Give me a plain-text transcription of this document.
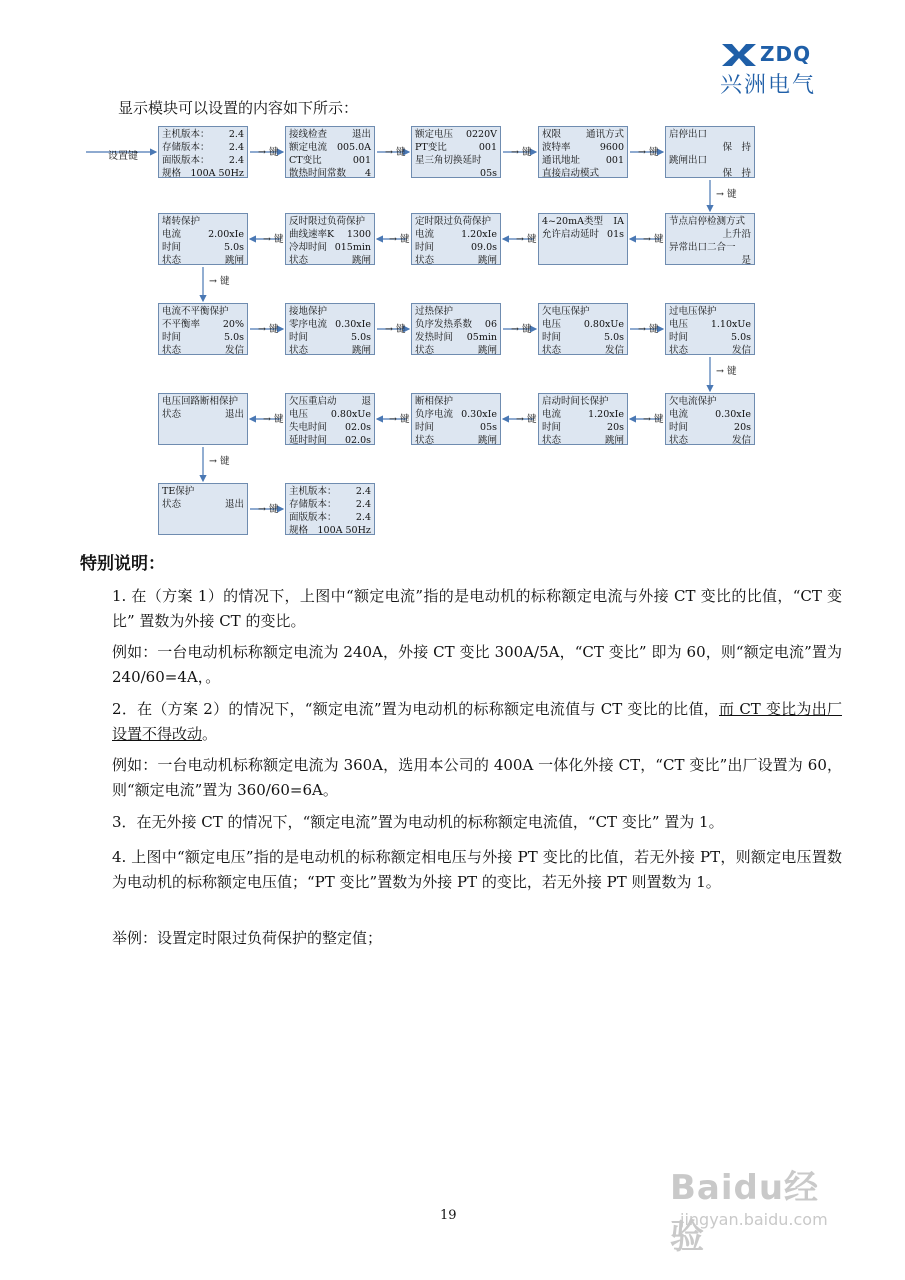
ZDQ
兴洲电气
显示模块可以设置的内容如下所示：
设置键
主机版本： 2.4
存储版本： 2.4
面版版本： 2.4
规格　100A 50Hz
接线检查	退出
额定电流 005.0A
CT变比	001
散热时间常数 4
额定电压 0220V
PT变比	001
星三角切换延时
05s
权限	通讯方式
波特率	9600
通讯地址	001
直接启动模式
启停出口
保　持
跳闸出口
保　持
节点启停检测方式
上升沿
异常出口二合一
是
4~20mA类型 IA
允许启动延时 01s
定时限过负荷保护
电流	1.20xIe
时间	09.0s
状态	跳闸
反时限过负荷保护
曲线速率K 1300
冷却时间 015min
状态	跳闸
堵转保护
电流	2.00xIe
时间	5.0s
状态	跳闸
电流不平衡保护
不平衡率 20%
时间	5.0s
状态	发信
接地保护
零序电流 0.30xIe
时间	5.0s
状态	跳闸
过热保护
负序发热系数 06
发热时间 05min
状态	跳闸
欠电压保护
电压 0.80xUe
时间	5.0s
状态	发信
过电压保护
电压 1.10xUe
时间	5.0s
状态	发信
欠电流保护
电流	0.30xIe
时间	20s
状态	发信
启动时间长保护
电流	1.20xIe
时间	20s
状态	跳闸
断相保护
负序电流 0.30xIe
时间	05s
状态	跳闸
欠压重启动	退
电压 0.80xUe
失电时间 02.0s
延时时间 02.0s
电压回路断相保护
状态	退出
TE保护
状态	退出
主机版本： 2.4
存储版本： 2.4
面版版本： 2.4
规格　100A 50Hz
→ 键	→ 键	→ 键	→ 键
→ 键
→ 键
→ 键
→ 键
→ 键
→ 键
→ 键	→ 键	→ 键	→ 键
→ 键
→ 键
→ 键
→ 键
→ 键
→ 键
→ 键
特别说明：
1. 在（方案 1）的情况下，上图中“额定电流”指的是电动机的标称额定电流与外接 CT 变比的比值，“CT 变比” 置数为外接 CT 的变比。
例如：一台电动机标称额定电流为 240A，外接 CT 变比 300A/5A，“CT 变比” 即为 60，则“额定电流”置为 240/60=4A，。
2．在（方案 2）的情况下，“额定电流”置为电动机的标称额定电流值与 CT 变比的比值，而 CT 变比为出厂设置不得改动。
例如：一台电动机标称额定电流为 360A，选用本公司的 400A 一体化外接 CT，“CT 变比”出厂设置为 60，则“额定电流”置为 360/60=6A。
3．在无外接 CT 的情况下，“额定电流”置为电动机的标称额定电流值，“CT 变比” 置为 1。
4. 上图中“额定电压”指的是电动机的标称额定相电压与外接 PT 变比的比值，若无外接 PT，则额定电压置数为电动机的标称额定电压值；“PT 变比”置数为外接 PT 的变比，若无外接 PT 则置数为 1。
举例：设置定时限过负荷保护的整定值；
19
Baidu经验
jingyan.baidu.com
